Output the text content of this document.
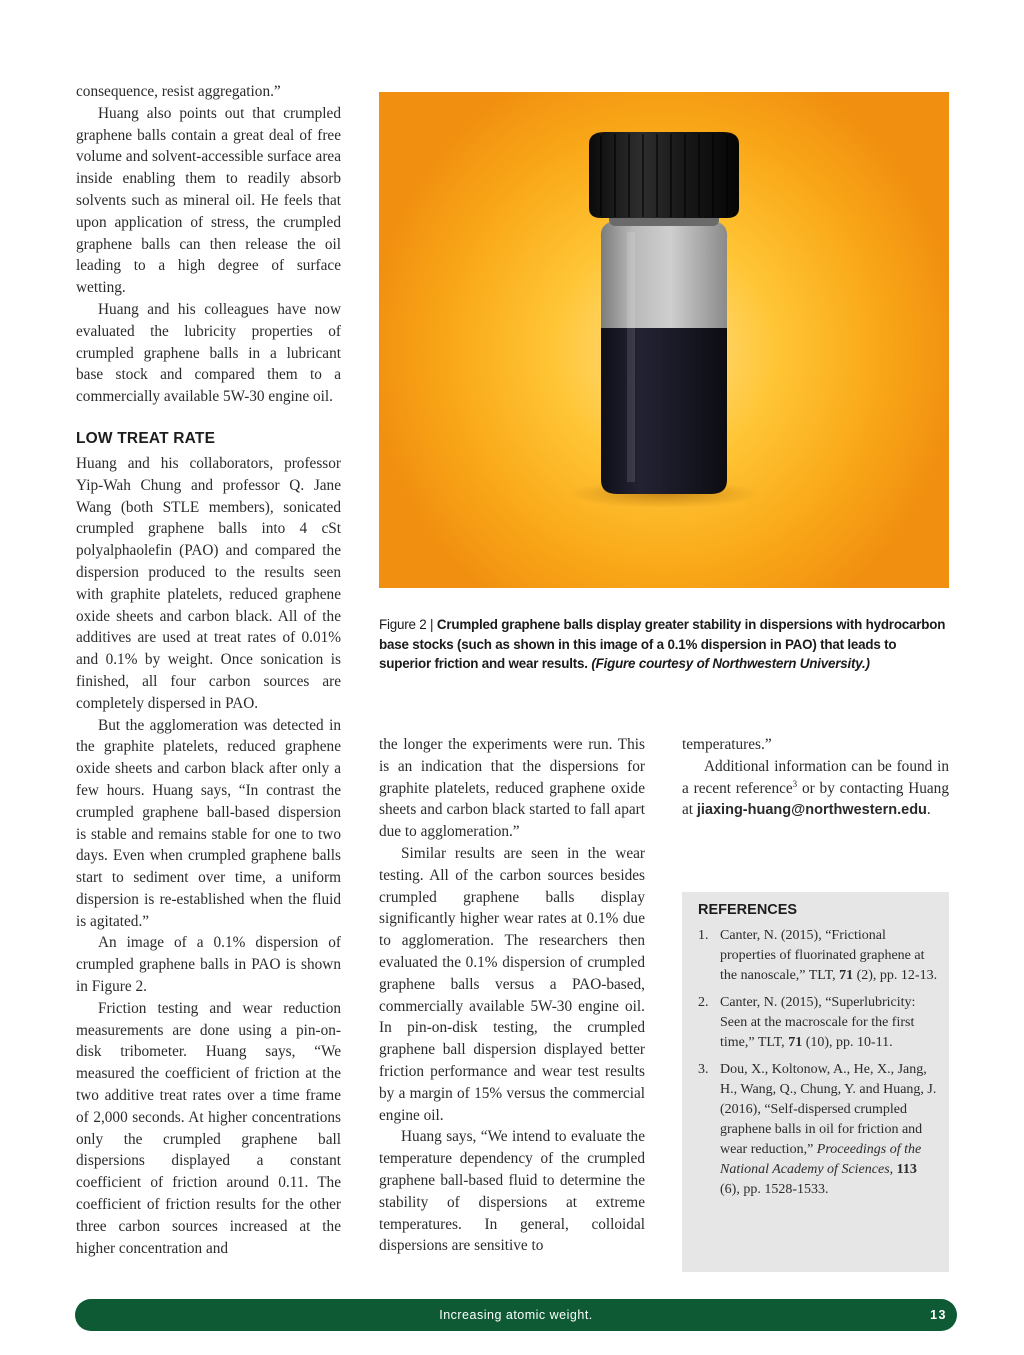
consequence, resist aggregation.”

Huang also points out that crumpled graphene balls contain a great deal of free volume and solvent-accessible surface area inside enabling them to readily absorb solvents such as mineral oil. He feels that upon application of stress, the crumpled graphene balls can then release the oil leading to a high degree of surface wetting.

Huang and his colleagues have now evaluated the lubricity properties of crumpled graphene balls in a lubricant base stock and compared them to a commercially available 5W-30 engine oil.

LOW TREAT RATE

Huang and his collaborators, professor Yip-Wah Chung and professor Q. Jane Wang (both STLE members), sonicated crumpled graphene balls into 4 cSt polyalphaolefin (PAO) and compared the dispersion produced to the results seen with graphite platelets, reduced graphene oxide sheets and carbon black. All of the additives are used at treat rates of 0.01% and 0.1% by weight. Once sonication is finished, all four carbon sources are completely dispersed in PAO.

But the agglomeration was detected in the graphite platelets, reduced graphene oxide sheets and carbon black after only a few hours. Huang says, “In contrast the crumpled graphene ball-based dispersion is stable and remains stable for one to two days. Even when crumpled graphene balls start to sediment over time, a uniform dispersion is re-established when the fluid is agitated.”

An image of a 0.1% dispersion of crumpled graphene balls in PAO is shown in Figure 2.

Friction testing and wear reduction measurements are done using a pin-on-disk tribometer. Huang says, “We measured the coefficient of friction at the two additive treat rates over a time frame of 2,000 seconds. At higher concentrations only the crumpled graphene ball dispersions displayed a constant coefficient of friction around 0.11. The coefficient of friction results for the other three carbon sources increased at the higher concentration and

Figure 2 | Crumpled graphene balls display greater stability in dispersions with hydrocarbon base stocks (such as shown in this image of a 0.1% dispersion in PAO) that leads to superior friction and wear results. (Figure courtesy of Northwestern University.)

the longer the experiments were run. This is an indication that the dispersions for graphite platelets, reduced graphene oxide sheets and carbon black started to fall apart due to agglomeration.”

Similar results are seen in the wear testing. All of the carbon sources besides crumpled graphene balls display significantly higher wear rates at 0.1% due to agglomeration. The researchers then evaluated the 0.1% dispersion of crumpled graphene balls versus a PAO-based, commercially available 5W-30 engine oil. In pin-on-disk testing, the crumpled graphene ball dispersion displayed better friction performance and wear test results by a margin of 15% versus the commercial engine oil.

Huang says, “We intend to evaluate the temperature dependency of the crumpled graphene ball-based fluid to determine the stability of dispersions at extreme temperatures. In general, colloidal dispersions are sensitive to

temperatures.”

Additional information can be found in a recent reference$^3$ or by contacting Huang at jiaxing-huang@northwestern.edu.

REFERENCES
1. Canter, N. (2015), “Frictional properties of fluorinated graphene at the nanoscale,” TLT, 71 (2), pp. 12-13.
2. Canter, N. (2015), “Superlubricity: Seen at the macroscale for the first time,” TLT, 71 (10), pp. 10-11.
3. Dou, X., Koltonow, A., He, X., Jang, H., Wang, Q., Chung, Y. and Huang, J. (2016), “Self-dispersed crumpled graphene balls in oil for friction and wear reduction,” Proceedings of the National Academy of Sciences, 113 (6), pp. 1528-1533.
Increasing atomic weight.	13
